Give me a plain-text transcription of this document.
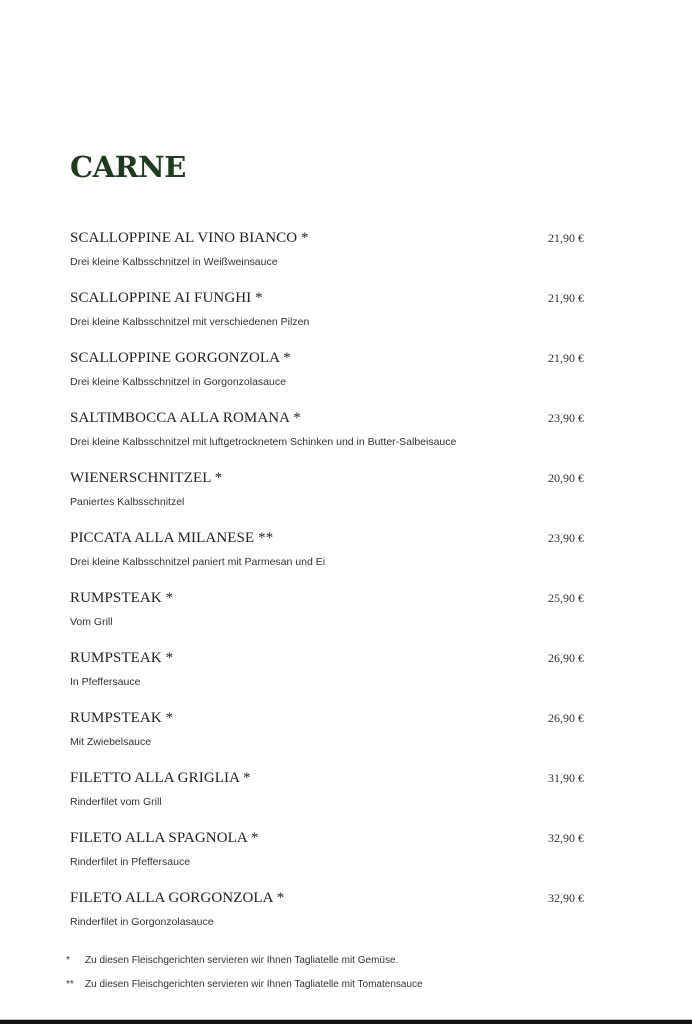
CARNE
SCALLOPPINE AL VINO BIANCO *
Drei kleine Kalbsschnitzel in Weißweinsauce
21,90 €
SCALLOPPINE AI FUNGHI *
Drei kleine Kalbsschnitzel mit verschiedenen Pilzen
21,90 €
SCALLOPPINE GORGONZOLA *
Drei kleine Kalbsschnitzel in Gorgonzolasauce
21,90 €
SALTIMBOCCA ALLA ROMANA *
Drei kleine Kalbsschnitzel mit luftgetrocknetem Schinken und in Butter-Salbeisauce
23,90 €
WIENERSCHNITZEL *
Paniertes Kalbsschnitzel
20,90 €
PICCATA ALLA MILANESE **
Drei kleine Kalbsschnitzel paniert mit Parmesan und Ei
23,90 €
RUMPSTEAK *
Vom Grill
25,90 €
RUMPSTEAK *
In Pfeffersauce
26,90 €
RUMPSTEAK *
Mit Zwiebelsauce
26,90 €
FILETTO ALLA GRIGLIA *
Rinderfilet vom Grill
31,90 €
FILETO ALLA SPAGNOLA *
Rinderfilet in Pfeffersauce
32,90 €
FILETO ALLA GORGONZOLA *
Rinderfilet in Gorgonzolasauce
32,90 €
* Zu diesen Fleischgerichten servieren wir Ihnen Tagliatelle mit Gemüse.
** Zu diesen Fleischgerichten servieren wir Ihnen Tagliatelle mit Tomatensauce
